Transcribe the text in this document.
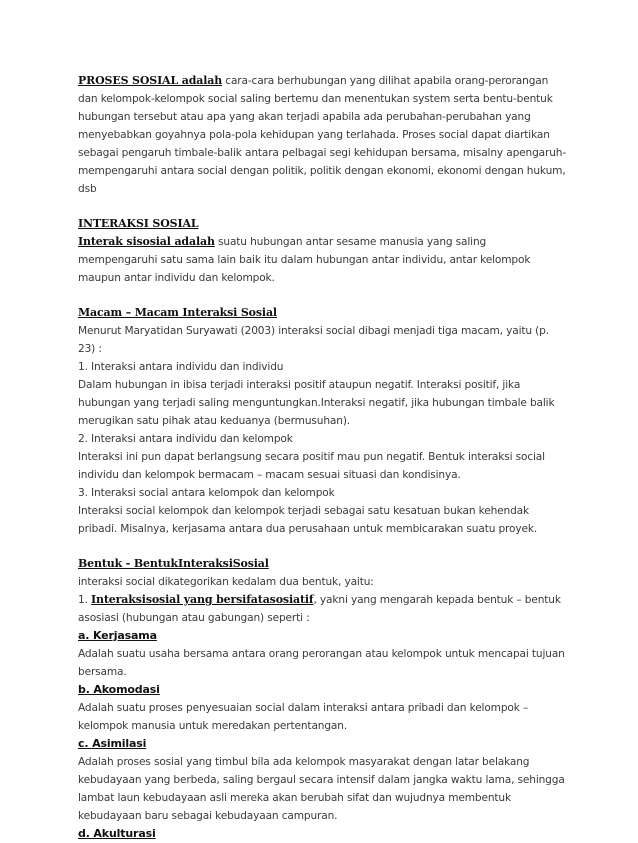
PROSES SOSIAL adalah cara-cara berhubungan yang dilihat apabila orang-perorangan dan kelompok-kelompok social saling bertemu dan menentukan system serta bentu-bentuk hubungan tersebut atau apa yang akan terjadi apabila ada perubahan-perubahan yang menyebabkan goyahnya pola-pola kehidupan yang terlahada. Proses social dapat diartikan sebagai pengaruh timbale-balik antara pelbagai segi kehidupan bersama, misalny apengaruh-mempengaruhi antara social dengan politik, politik dengan ekonomi, ekonomi dengan hukum, dsb

INTERAKSI SOSIAL

Interak sisosial adalah suatu hubungan antar sesame manusia yang saling mempengaruhi satu sama lain baik itu dalam hubungan antar individu, antar kelompok maupun antar individu dan kelompok.

Macam – Macam Interaksi Sosial

Menurut Maryatidan Suryawati (2003) interaksi social dibagi menjadi tiga macam, yaitu (p. 23) :

1. Interaksi antara individu dan individu

Dalam hubungan in ibisa terjadi interaksi positif ataupun negatif. Interaksi positif, jika hubungan yang terjadi saling menguntungkan.Interaksi negatif, jika hubungan timbale balik merugikan satu pihak atau keduanya (bermusuhan).

2. Interaksi antara individu dan kelompok

Interaksi ini pun dapat berlangsung secara positif mau pun negatif. Bentuk interaksi social individu dan kelompok bermacam – macam sesuai situasi dan kondisinya.

3. Interaksi social antara kelompok dan kelompok

Interaksi social kelompok dan kelompok terjadi sebagai satu kesatuan bukan kehendak pribadi. Misalnya, kerjasama antara dua perusahaan untuk membicarakan suatu proyek.

Bentuk - BentukInteraksiSosial

interaksi social dikategorikan kedalam dua bentuk, yaitu:

1. Interaksisosial yang bersifatasosiatif, yakni yang mengarah kepada bentuk – bentuk asosiasi (hubungan atau gabungan) seperti :

a. Kerjasama

Adalah suatu usaha bersama antara orang perorangan atau kelompok untuk mencapai tujuan bersama.

b. Akomodasi

Adalah suatu proses penyesuaian social dalam interaksi antara pribadi dan kelompok – kelompok manusia untuk meredakan pertentangan.

c. Asimilasi

Adalah proses sosial yang timbul bila ada kelompok masyarakat dengan latar belakang kebudayaan yang berbeda, saling bergaul secara intensif dalam jangka waktu lama, sehingga lambat laun kebudayaan asli mereka akan berubah sifat dan wujudnya membentuk kebudayaan baru sebagai kebudayaan campuran.

d. Akulturasi
